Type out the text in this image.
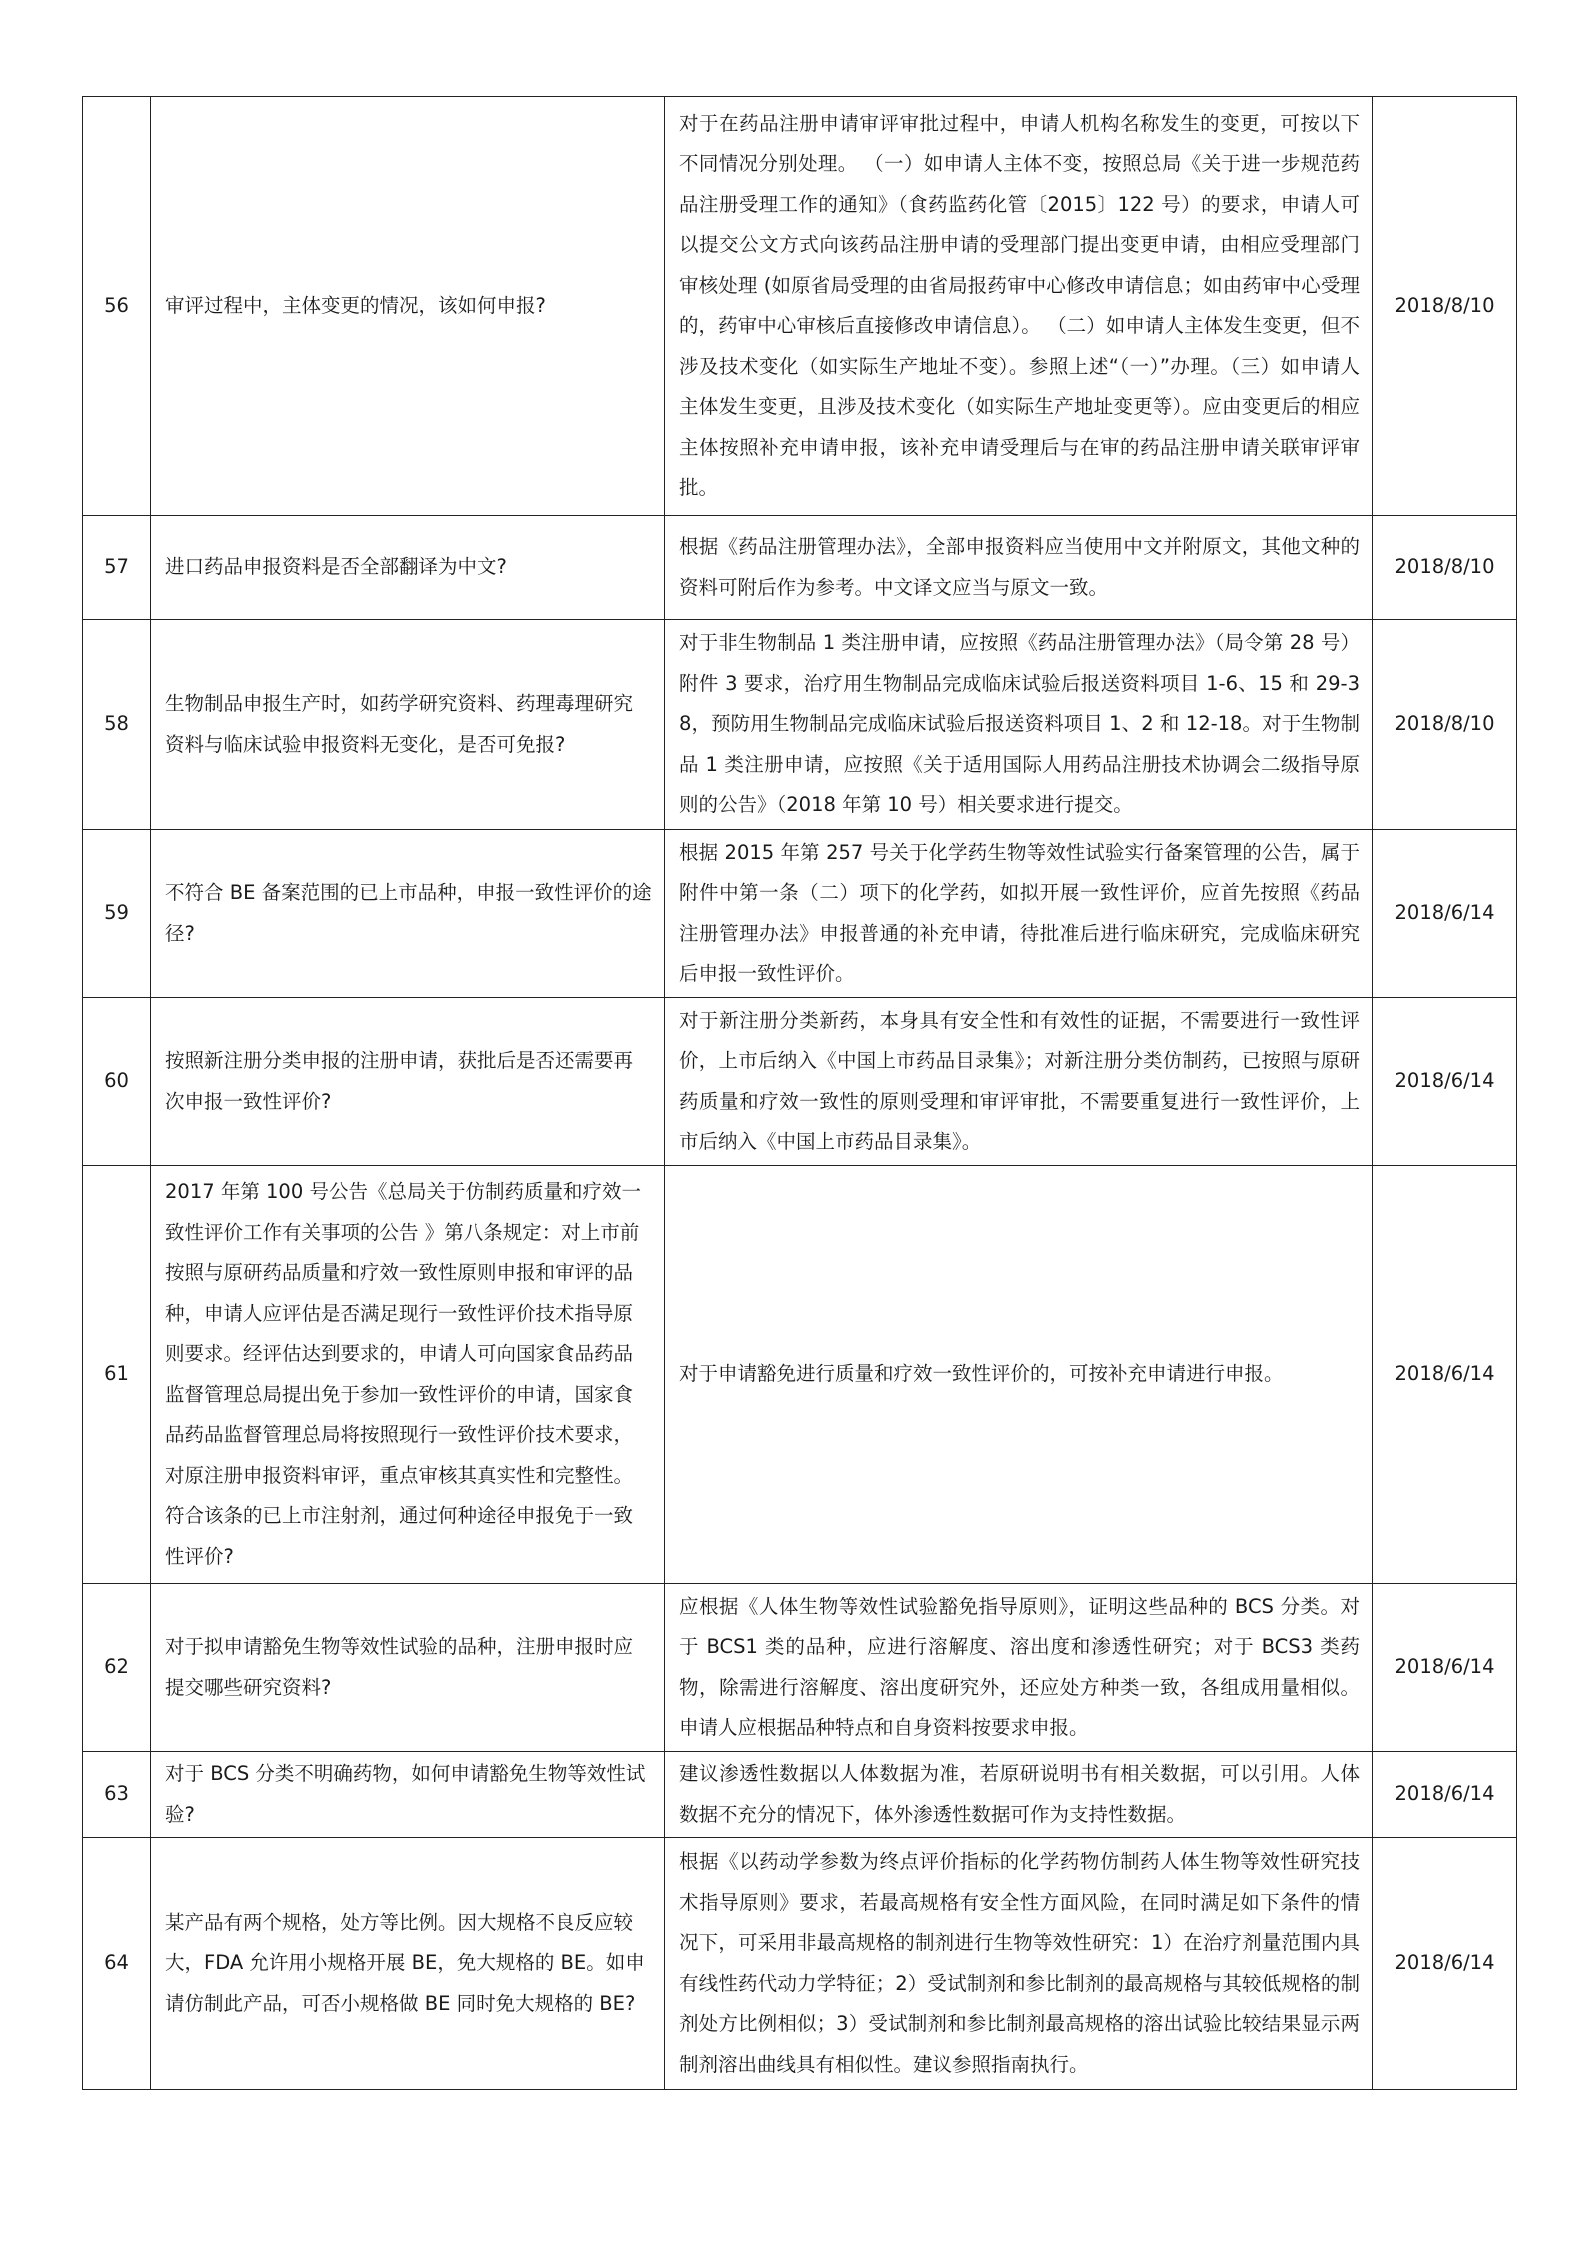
56	审评过程中，主体变更的情况，该如何申报?	对于在药品注册申请审评审批过程中，申请人机构名称发生的变更，可按以下不同情况分别处理。 （一）如申请人主体不变，按照总局《关于进一步规范药品注册受理工作的通知》（食药监药化管〔2015〕122 号）的要求，申请人可以提交公文方式向该药品注册申请的受理部门提出变更申请，由相应受理部门审核处理 (如原省局受理的由省局报药审中心修改申请信息；如由药审中心受理的，药审中心审核后直接修改申请信息）。 （二）如申请人主体发生变更，但不涉及技术变化（如实际生产地址不变）。参照上述“（一）”办理。（三）如申请人主体发生变更，且涉及技术变化（如实际生产地址变更等）。应由变更后的相应主体按照补充申请申报，该补充申请受理后与在审的药品注册申请关联审评审批。	2018/8/10
57	进口药品申报资料是否全部翻译为中文?	根据《药品注册管理办法》，全部申报资料应当使用中文并附原文，其他文种的资料可附后作为参考。中文译文应当与原文一致。	2018/8/10
58	生物制品申报生产时，如药学研究资料、药理毒理研究资料与临床试验申报资料无变化，是否可免报?	对于非生物制品 1 类注册申请，应按照《药品注册管理办法》（局令第 28 号）附件 3 要求，治疗用生物制品完成临床试验后报送资料项目 1-6、15 和 29-38，预防用生物制品完成临床试验后报送资料项目 1、2 和 12-18。对于生物制品 1 类注册申请，应按照《关于适用国际人用药品注册技术协调会二级指导原则的公告》（2018 年第 10 号）相关要求进行提交。	2018/8/10
59	不符合 BE 备案范围的已上市品种，申报一致性评价的途径?	根据 2015 年第 257 号关于化学药生物等效性试验实行备案管理的公告，属于附件中第一条（二）项下的化学药，如拟开展一致性评价，应首先按照《药品注册管理办法》申报普通的补充申请，待批准后进行临床研究，完成临床研究后申报一致性评价。	2018/6/14
60	按照新注册分类申报的注册申请，获批后是否还需要再次申报一致性评价?	对于新注册分类新药，本身具有安全性和有效性的证据，不需要进行一致性评价，上市后纳入《中国上市药品目录集》；对新注册分类仿制药，已按照与原研药质量和疗效一致性的原则受理和审评审批，不需要重复进行一致性评价，上市后纳入《中国上市药品目录集》。	2018/6/14
61	2017 年第 100 号公告《总局关于仿制药质量和疗效一致性评价工作有关事项的公告 》第八条规定：对上市前按照与原研药品质量和疗效一致性原则申报和审评的品种，申请人应评估是否满足现行一致性评价技术指导原则要求。经评估达到要求的，申请人可向国家食品药品监督管理总局提出免于参加一致性评价的申请，国家食品药品监督管理总局将按照现行一致性评价技术要求，对原注册申报资料审评，重点审核其真实性和完整性。符合该条的已上市注射剂，通过何种途径申报免于一致性评价?	对于申请豁免进行质量和疗效一致性评价的，可按补充申请进行申报。	2018/6/14
62	对于拟申请豁免生物等效性试验的品种，注册申报时应提交哪些研究资料?	应根据《人体生物等效性试验豁免指导原则》，证明这些品种的 BCS 分类。对于 BCS1 类的品种，应进行溶解度、溶出度和渗透性研究；对于 BCS3 类药物，除需进行溶解度、溶出度研究外，还应处方种类一致，各组成用量相似。申请人应根据品种特点和自身资料按要求申报。	2018/6/14
63	对于 BCS 分类不明确药物，如何申请豁免生物等效性试验?	建议渗透性数据以人体数据为准，若原研说明书有相关数据，可以引用。人体数据不充分的情况下，体外渗透性数据可作为支持性数据。	2018/6/14
64	某产品有两个规格，处方等比例。因大规格不良反应较大，FDA 允许用小规格开展 BE，免大规格的 BE。如申请仿制此产品，可否小规格做 BE 同时免大规格的 BE?	根据《以药动学参数为终点评价指标的化学药物仿制药人体生物等效性研究技术指导原则》要求，若最高规格有安全性方面风险，在同时满足如下条件的情况下，可采用非最高规格的制剂进行生物等效性研究：1）在治疗剂量范围内具有线性药代动力学特征；2）受试制剂和参比制剂的最高规格与其较低规格的制剂处方比例相似；3）受试制剂和参比制剂最高规格的溶出试验比较结果显示两制剂溶出曲线具有相似性。建议参照指南执行。	2018/6/14
